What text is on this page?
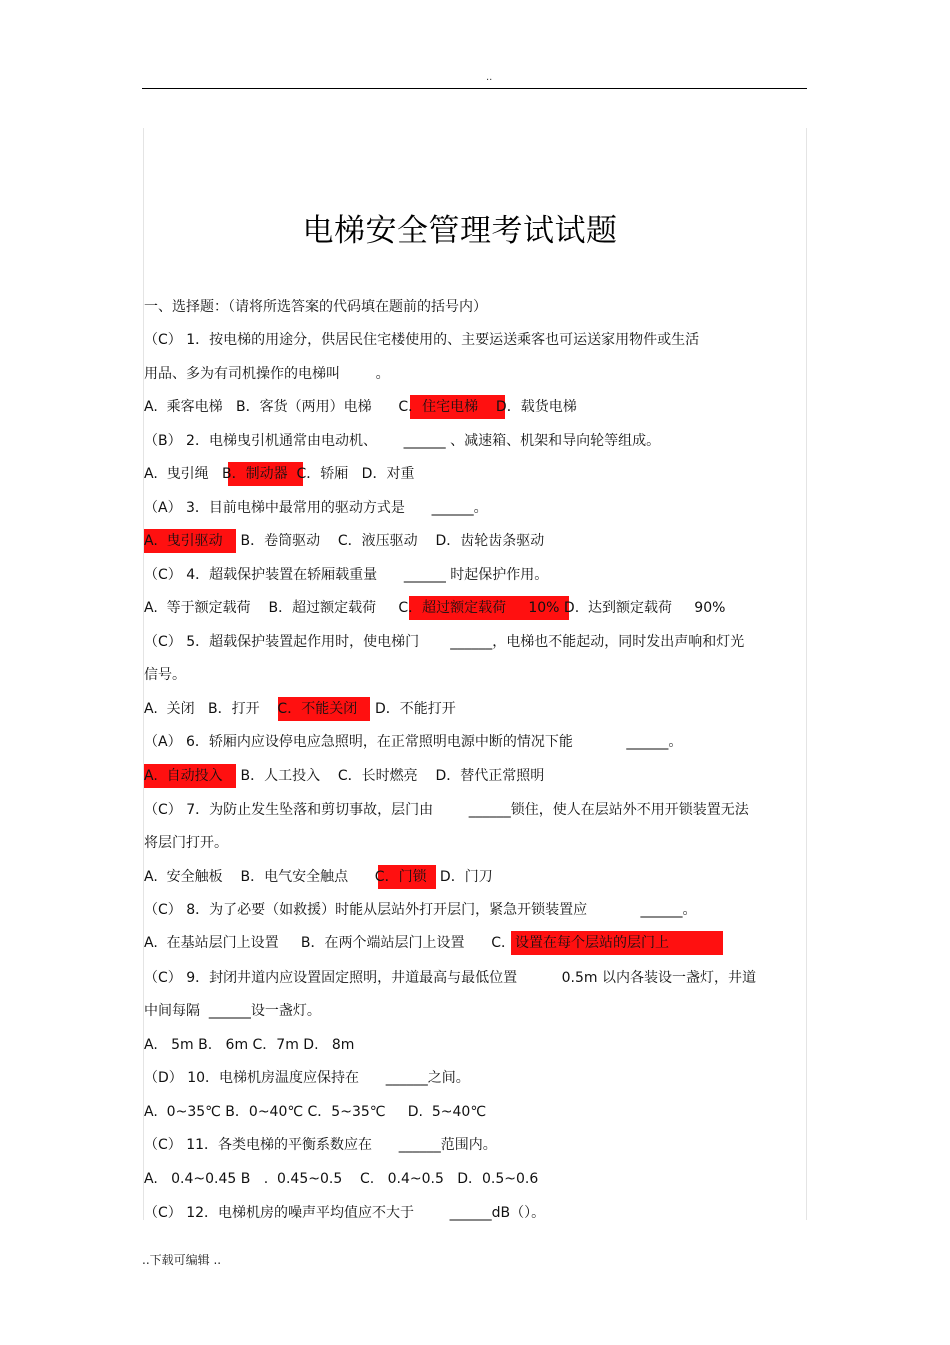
..
电梯安全管理考试试题
一、选择题：（请将所选答案的代码填在题前的括号内）
（C） 1．按电梯的用途分，供居民住宅楼使用的、主要运送乘客也可运送家用物件或生活
用品、多为有司机操作的电梯叫        。
A.  乘客电梯   B．客货（两用）电梯      C．住宅电梯    D．载货电梯
（B） 2．电梯曳引机通常由电动机、      ______ 、减速箱、机架和导向轮等组成。
A.  曳引绳   B．制动器  C．轿厢   D．对重
（A） 3．目前电梯中最常用的驱动方式是      ______。
A.  曳引驱动    B．卷筒驱动    C．液压驱动    D．齿轮齿条驱动
（C） 4．超载保护装置在轿厢载重量      ______ 时起保护作用。
A.  等于额定载荷    B．超过额定载荷     C．超过额定载荷     10% D.  达到额定载荷     90%
（C） 5．超载保护装置起作用时，使电梯门       ______，电梯也不能起动，同时发出声响和灯光
信号。
A.  关闭   B．打开    C．不能关闭    D．不能打开
（A） 6．轿厢内应设停电应急照明，在正常照明电源中断的情况下能            ______。
A.  自动投入    B．人工投入    C．长时燃亮    D．替代正常照明
（C） 7．为防止发生坠落和剪切事故，层门由        ______锁住，使人在层站外不用开锁装置无法
将层门打开。
A.  安全触板    B．电气安全触点      C．门锁   D．门刀
（C） 8．为了必要（如救援）时能从层站外打开层门，紧急开锁装置应            ______。
A.  在基站层门上设置     B．在两个端站层门上设置      C．设置在每个层站的层门上
（C） 9．封闭井道内应设置固定照明，井道最高与最低位置          0.5m 以内各装设一盏灯，井道
中间每隔  ______设一盏灯。
A.   5m B.   6m C．7m D.   8m
（D） 10．电梯机房温度应保持在      ______之间。
A.  0~35℃ B．0~40℃ C．5~35℃     D.  5~40℃
（C） 11．各类电梯的平衡系数应在      ______范围内。
A.   0.4~0.45 B   .  0.45~0.5    C.   0.4~0.5   D．0.5~0.6
（C） 12．电梯机房的噪声平均值应不大于        ______dB（）。
..下载可编辑 ..
